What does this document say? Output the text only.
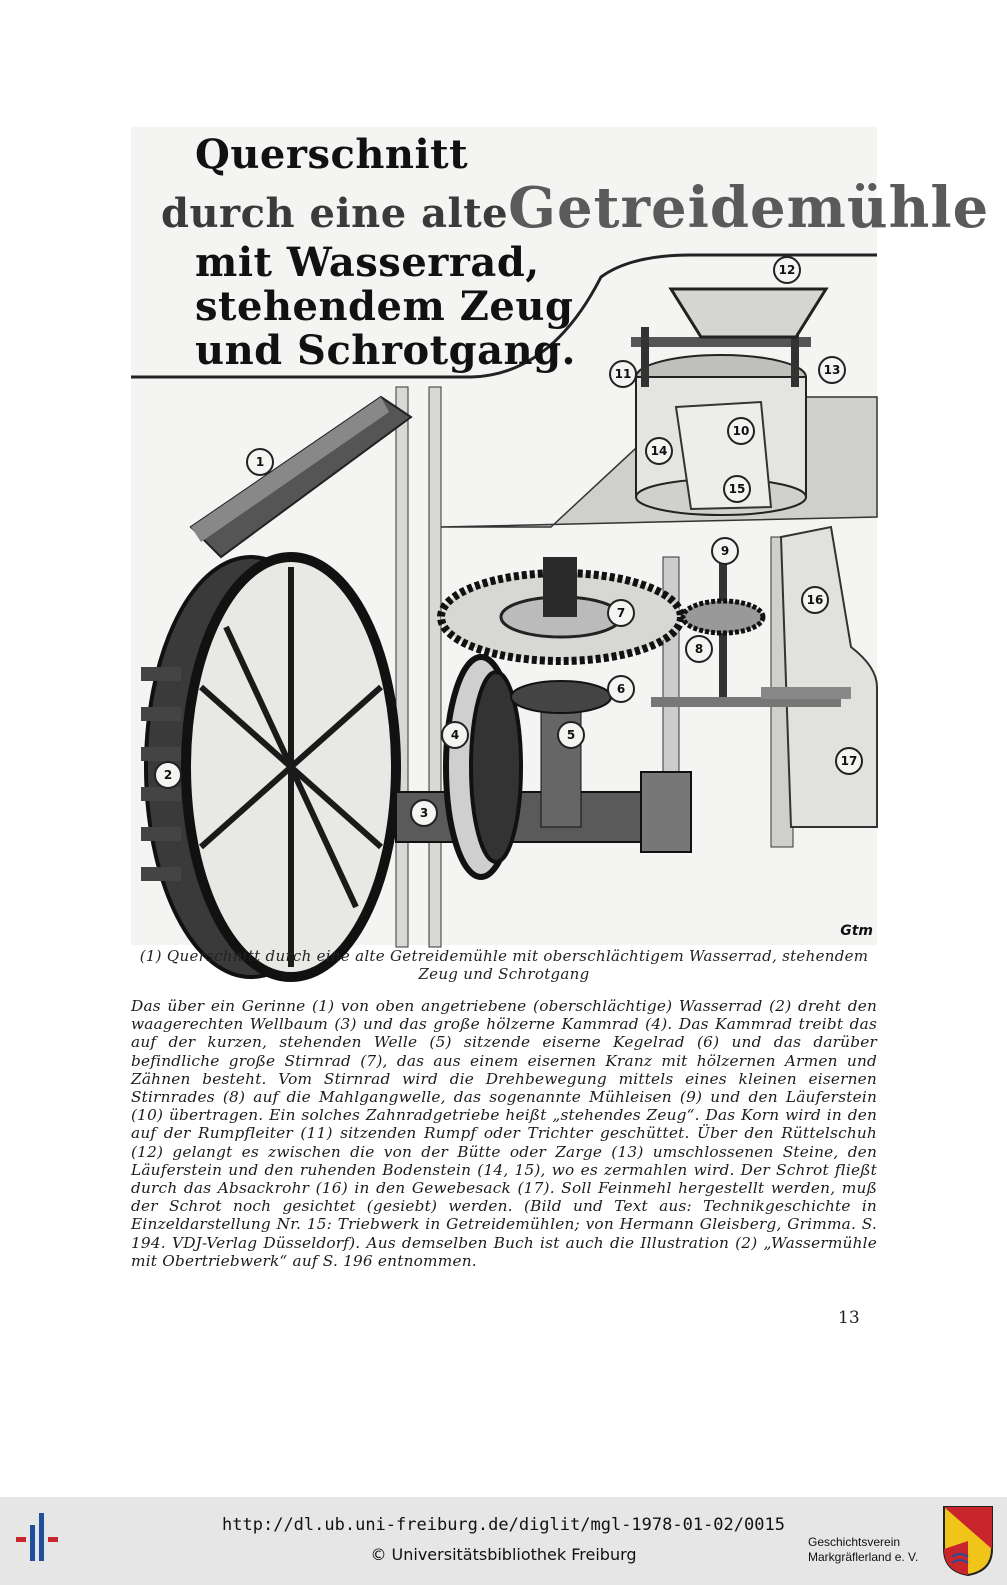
Querschnitt
durch eine alteGetreidemühle
mit Wasserrad,
stehendem Zeug
und Schrotgang.
1
2
3
4	5
6
7
8
9
10
11
12
13
14
15
16
17
Gtm
(1) Querschnitt durch eine alte Getreidemühle mit oberschlächtigem Wasserrad, stehendem Zeug und Schrotgang
Das über ein Gerinne (1) von oben angetriebene (oberschlächtige) Wasserrad (2) dreht den waagerechten Wellbaum (3) und das große hölzerne Kammrad (4). Das Kammrad treibt das auf der kurzen, stehenden Welle (5) sitzende eiserne Kegelrad (6) und das darüber befindliche große Stirnrad (7), das aus einem eisernen Kranz mit hölzernen Armen und Zähnen besteht. Vom Stirnrad wird die Drehbewegung mittels eines kleinen eisernen Stirnrades (8) auf die Mahlgangwelle, das sogenannte Mühleisen (9) und den Läuferstein (10) übertragen. Ein solches Zahnradgetriebe heißt „stehendes Zeug“. Das Korn wird in den auf der Rumpfleiter (11) sitzenden Rumpf oder Trichter geschüttet. Über den Rüttelschuh (12) gelangt es zwischen die von der Bütte oder Zarge (13) umschlossenen Steine, den Läuferstein und den ruhenden Bodenstein (14, 15), wo es zermahlen wird. Der Schrot fließt durch das Absackrohr (16) in den Gewebesack (17). Soll Feinmehl hergestellt werden, muß der Schrot noch gesichtet (gesiebt) werden. (Bild und Text aus: Technikgeschichte in Einzeldarstellung Nr. 15: Triebwerk in Getreidemühlen; von Hermann Gleisberg, Grimma. S. 194. VDJ-Verlag Düsseldorf). Aus demselben Buch ist auch die Illustration (2) „Wassermühle mit Obertriebwerk“ auf S. 196 entnommen.
13
http://dl.ub.uni-freiburg.de/diglit/mgl-1978-01-02/0015
© Universitätsbibliothek Freiburg
Geschichtsverein
Markgräflerland e. V.
